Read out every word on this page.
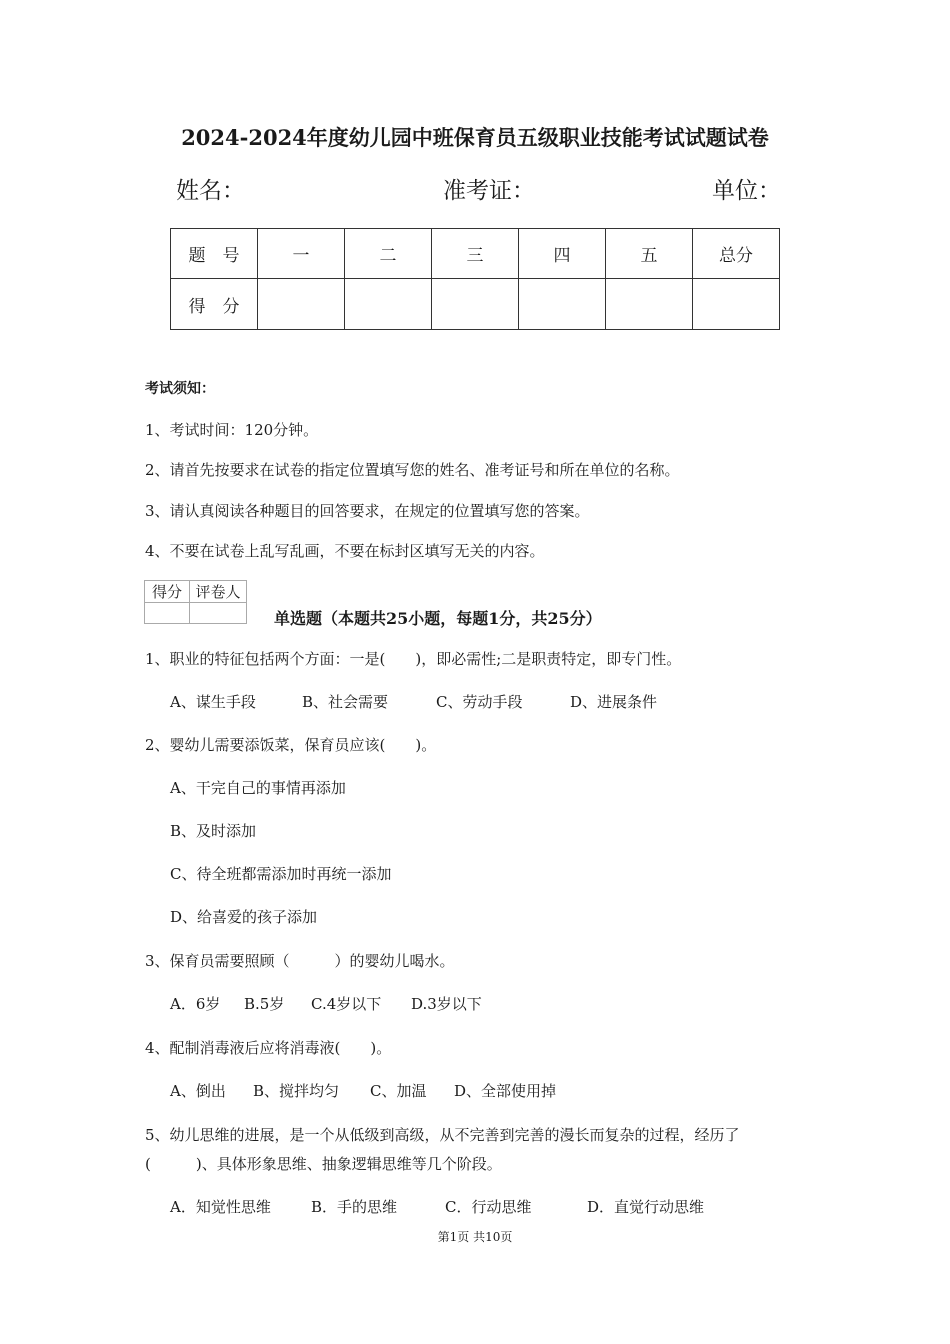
2024-2024年度幼儿园中班保育员五级职业技能考试试题试卷
姓名：	准考证：	单位：
题　号	一	二	三	四	五	总分
得　分						
考试须知：
1、考试时间：120分钟。
2、请首先按要求在试卷的指定位置填写您的姓名、准考证号和所在单位的名称。
3、请认真阅读各种题目的回答要求，在规定的位置填写您的答案。
4、不要在试卷上乱写乱画，不要在标封区填写无关的内容。
得分	评卷人

单选题（本题共25小题，每题1分，共25分）
1、职业的特征包括两个方面：一是(　　)，即必需性;二是职责特定，即专门性。
A、谋生手段	B、社会需要	C、劳动手段	D、进展条件
2、婴幼儿需要添饭菜，保育员应该(　　)。
A、干完自己的事情再添加
B、及时添加
C、待全班都需添加时再统一添加
D、给喜爱的孩子添加
3、保育员需要照顾（　　　）的婴幼儿喝水。
A．6岁 B.5岁 C.4岁以下 D.3岁以下
4、配制消毒液后应将消毒液(　　)。
A、倒出 B、搅拌均匀 C、加温 D、全部使用掉
5、幼儿思维的进展，是一个从低级到高级，从不完善到完善的漫长而复杂的过程，经历了
(　　　)、具体形象思维、抽象逻辑思维等几个阶段。
A．知觉性思维	B．手的思维	C．行动思维	D．直觉行动思维
第1页 共10页
